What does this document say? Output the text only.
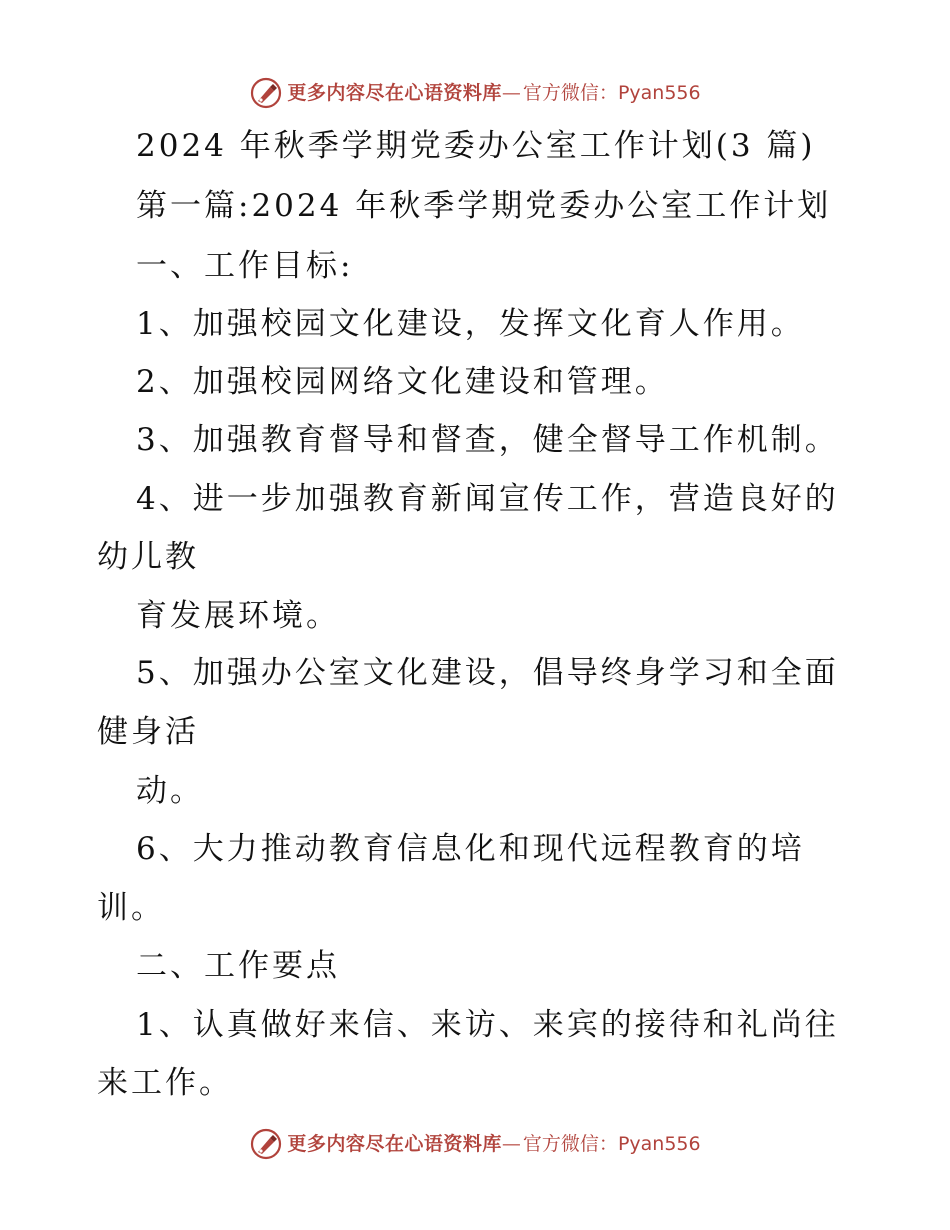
更多内容尽在心语资料库 — 官方微信： Pyan556
2024 年秋季学期党委办公室工作计划(3 篇)
第一篇:2024 年秋季学期党委办公室工作计划
一、工作目标:
1、加强校园文化建设，发挥文化育人作用。
2、加强校园网络文化建设和管理。
3、加强教育督导和督查，健全督导工作机制。
4、进一步加强教育新闻宣传工作，营造良好的
幼儿教
育发展环境。
5、加强办公室文化建设，倡导终身学习和全面
健身活
动。
6、大力推动教育信息化和现代远程教育的培
训。
二、工作要点
1、认真做好来信、来访、来宾的接待和礼尚往
来工作。
更多内容尽在心语资料库 — 官方微信： Pyan556
